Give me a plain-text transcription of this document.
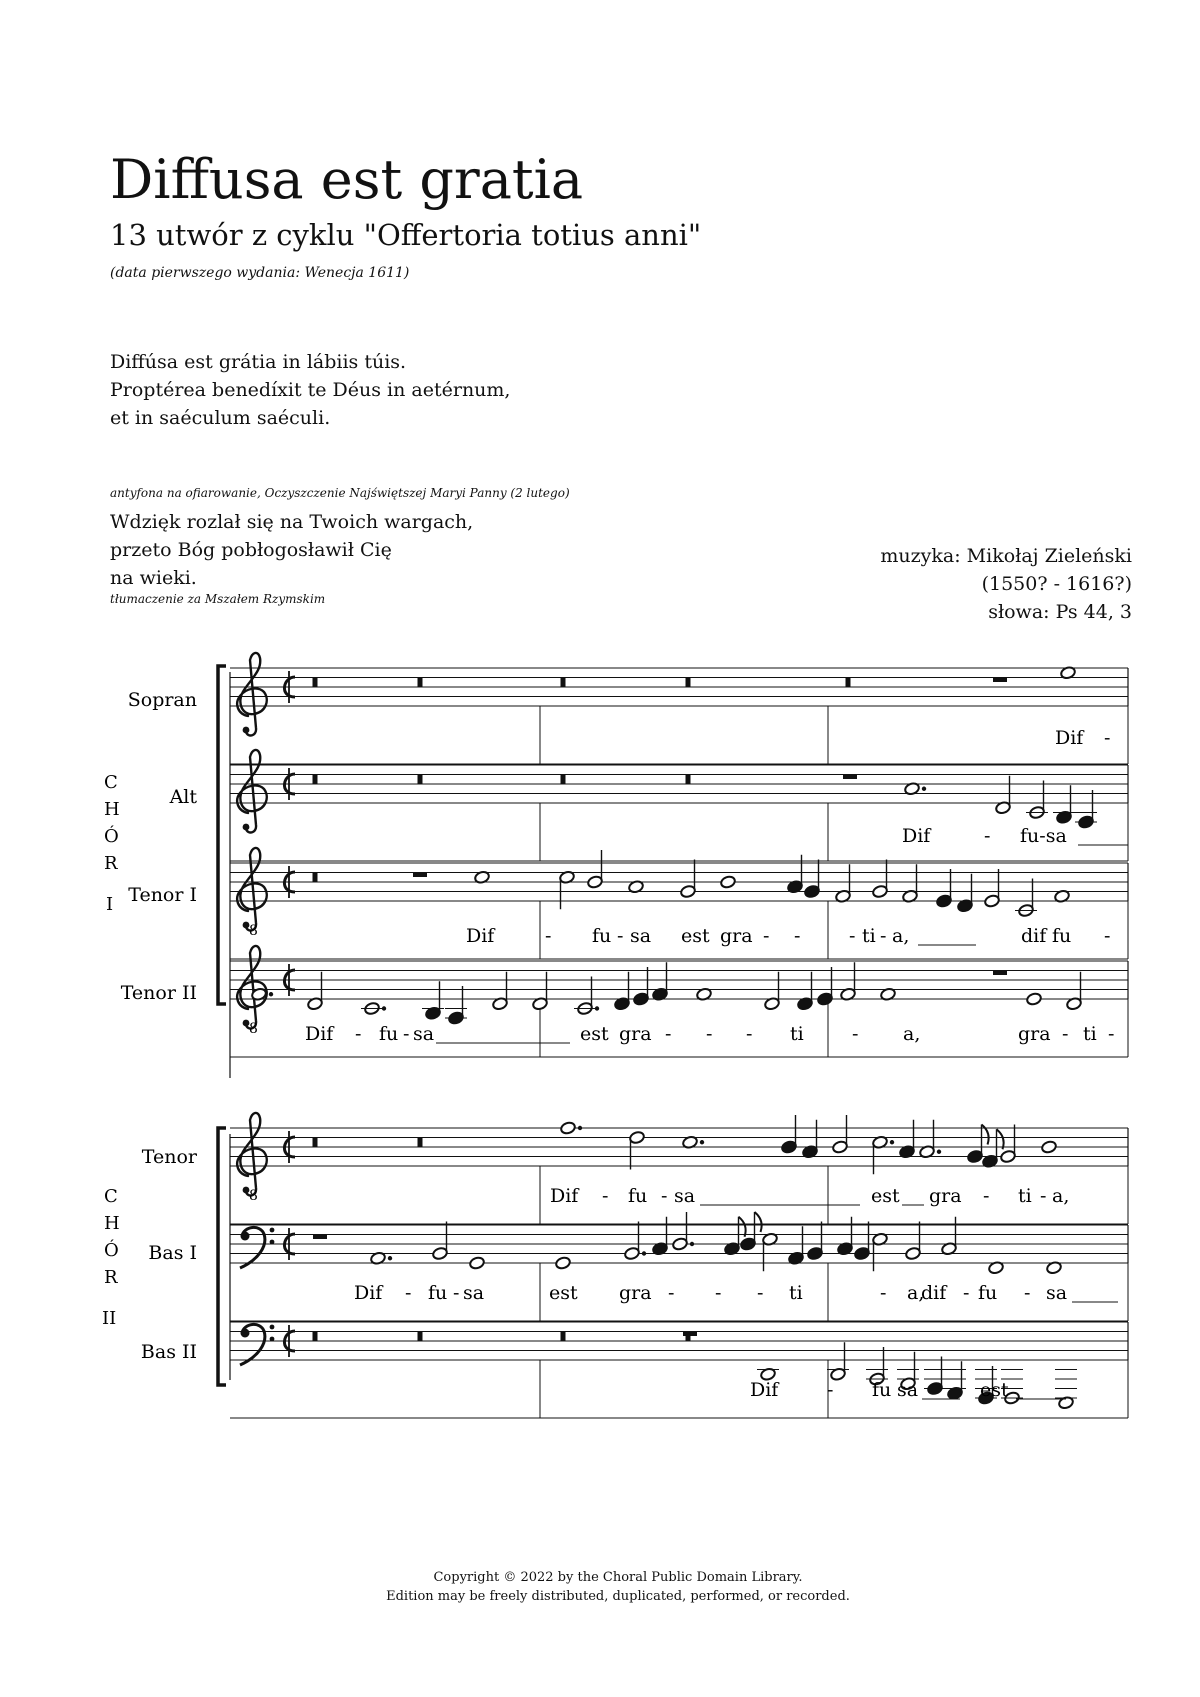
Diffusa est gratia
13 utwór z cyklu "Offertoria totius anni"
(data pierwszego wydania: Wenecja 1611)
Diffúsa est grátia in lábiis túis.
Proptérea benedíxit te Déus in aetérnum,
et in saéculum saéculi.
antyfona na ofiarowanie, Oczyszczenie Najświętszej Maryi Panny (2 lutego)
Wdzięk rozlał się na Twoich wargach,
przeto Bóg pobłogosławił Cię
na wieki.
tłumaczenie za Mszałem Rzymskim
muzyka: Mikołaj Zieleński
(1550? - 1616?)
słowa: Ps 44, 3
8
8
8
C
H
Ó
R
I
C
H
Ó
R
II
Sopran
Alt
Tenor I
Tenor II
Tenor
Bas I
Bas II
Dif -
Dif	- fu-sa
Dif	- fu - sa est gra - -	- ti - a,	dif fu -
Dif - fu - sa	est gra - - - ti	- a,	gra - ti -
Dif - fu - sa	est gra - ti - a,
Dif - fu - sa	est gra - - - ti	- a,
dif - fu - sa
Dif	- fu sa	est
Copyright © 2022 by the Choral Public Domain Library.
Edition may be freely distributed, duplicated, performed, or recorded.
